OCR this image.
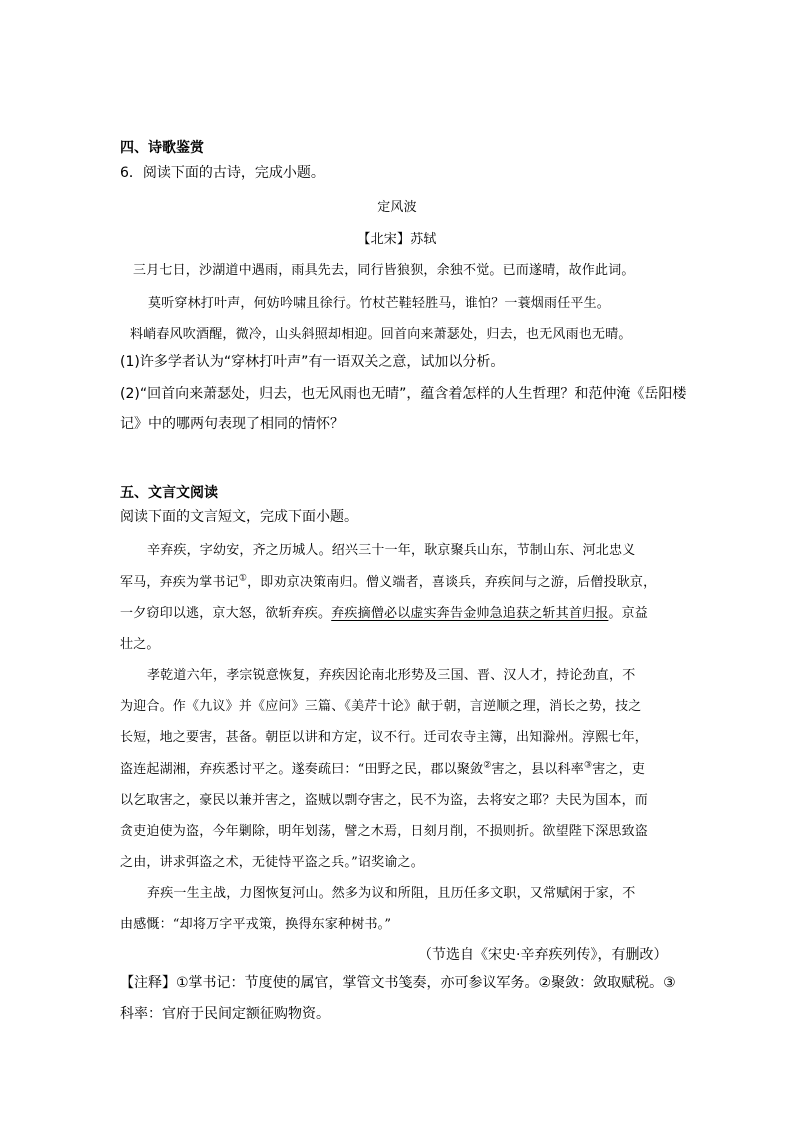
四、诗歌鉴赏
6．阅读下面的古诗，完成小题。
定风波
【北宋】苏轼
三月七日，沙湖道中遇雨，雨具先去，同行皆狼狈，余独不觉。已而遂晴，故作此词。
莫听穿林打叶声，何妨吟啸且徐行。竹杖芒鞋轻胜马，谁怕？一蓑烟雨任平生。
料峭春风吹酒醒，微冷，山头斜照却相迎。回首向来萧瑟处，归去，也无风雨也无晴。
(1)许多学者认为“穿林打叶声”有一语双关之意，试加以分析。
(2)“回首向来萧瑟处，归去，也无风雨也无晴”，蕴含着怎样的人生哲理？和范仲淹《岳阳楼
记》中的哪两句表现了相同的情怀？
五、文言文阅读
阅读下面的文言短文，完成下面小题。
辛弃疾，字幼安，齐之历城人。绍兴三十一年，耿京聚兵山东，节制山东、河北忠义
军马，弃疾为掌书记①，即劝京决策南归。僧义端者，喜谈兵，弃疾间与之游，后僧投耿京，
一夕窃印以逃，京大怒，欲斩弃疾。弃疾摘僧必以虚实奔告金帅急追获之斩其首归报。京益
壮之。
孝乾道六年，孝宗锐意恢复，弃疾因论南北形势及三国、晋、汉人才，持论劲直，不
为迎合。作《九议》并《应问》三篇、《美芹十论》献于朝，言逆顺之理，消长之势，技之
长短，地之要害，甚备。朝臣以讲和方定，议不行。迁司农寺主簿，出知滁州。淳熙七年，
盗连起湖湘，弃疾悉讨平之。遂奏疏曰：“田野之民，郡以聚敛②害之，县以科率③害之，吏
以乞取害之，豪民以兼并害之，盗贼以剽夺害之，民不为盗，去将安之耶？夫民为国本，而
贪吏迫使为盗，今年剿除，明年划荡，譬之木焉，日刻月削，不损则折。欲望陛下深思致盗
之由，讲求弭盗之术，无徒恃平盗之兵。”诏奖谕之。
弃疾一生主战，力图恢复河山。然多为议和所阻，且历任多文职，又常赋闲于家，不
由感慨：“却将万字平戎策，换得东家种树书。”
（节选自《宋史·辛弃疾列传》，有删改）
【注释】①掌书记：节度使的属官，掌管文书笺奏，亦可参议军务。②聚敛：敛取赋税。③
科率：官府于民间定额征购物资。
